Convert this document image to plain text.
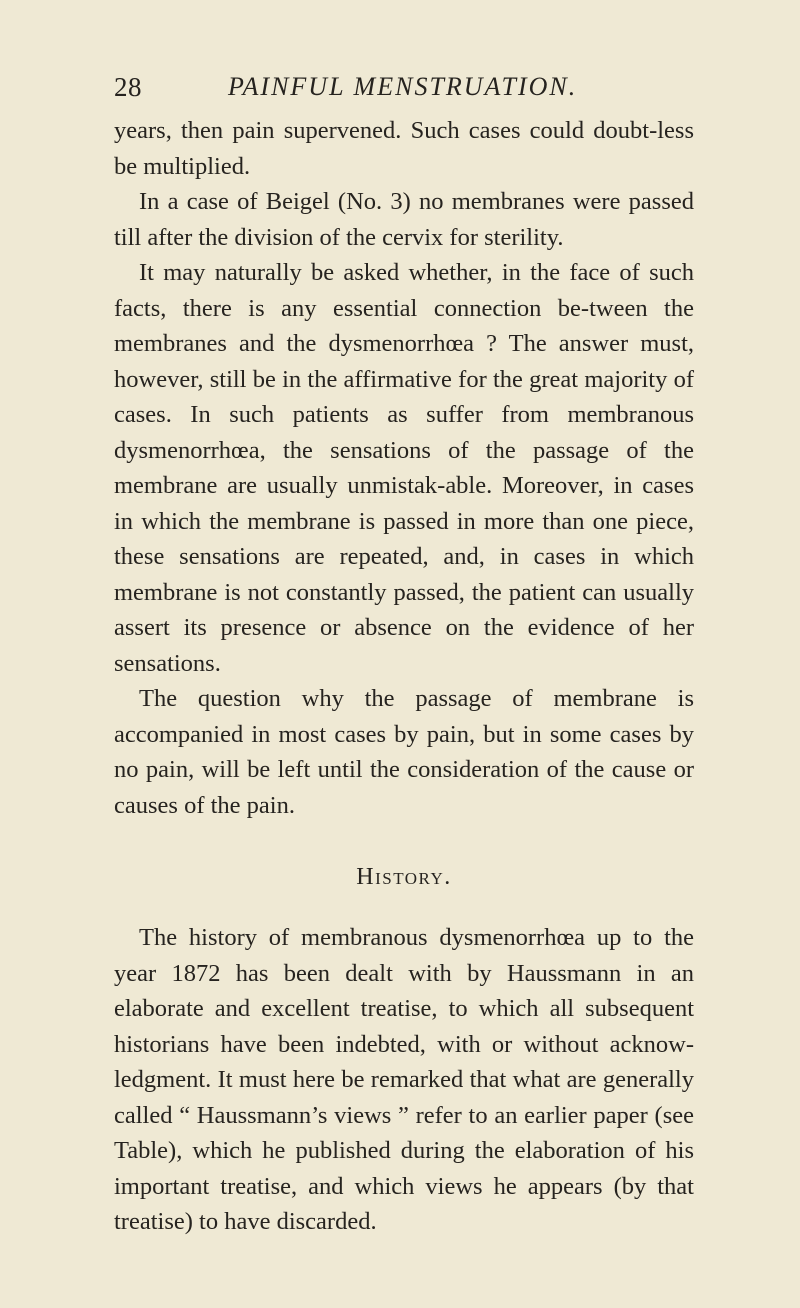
28	PAINFUL MENSTRUATION.

years, then pain supervened. Such cases could doubt-less be multiplied.

In a case of Beigel (No. 3) no membranes were passed till after the division of the cervix for sterility.

It may naturally be asked whether, in the face of such facts, there is any essential connection be-tween the membranes and the dysmenorrhœa ? The answer must, however, still be in the affirmative for the great majority of cases. In such patients as suffer from membranous dysmenorrhœa, the sensations of the passage of the membrane are usually unmistak-able. Moreover, in cases in which the membrane is passed in more than one piece, these sensations are repeated, and, in cases in which membrane is not constantly passed, the patient can usually assert its presence or absence on the evidence of her sensations.

The question why the passage of membrane is accompanied in most cases by pain, but in some cases by no pain, will be left until the consideration of the cause or causes of the pain.

History.

The history of membranous dysmenorrhœa up to the year 1872 has been dealt with by Haussmann in an elaborate and excellent treatise, to which all subsequent historians have been indebted, with or without acknow-ledgment. It must here be remarked that what are generally called “ Haussmann’s views ” refer to an earlier paper (see Table), which he published during the elaboration of his important treatise, and which views he appears (by that treatise) to have discarded.
